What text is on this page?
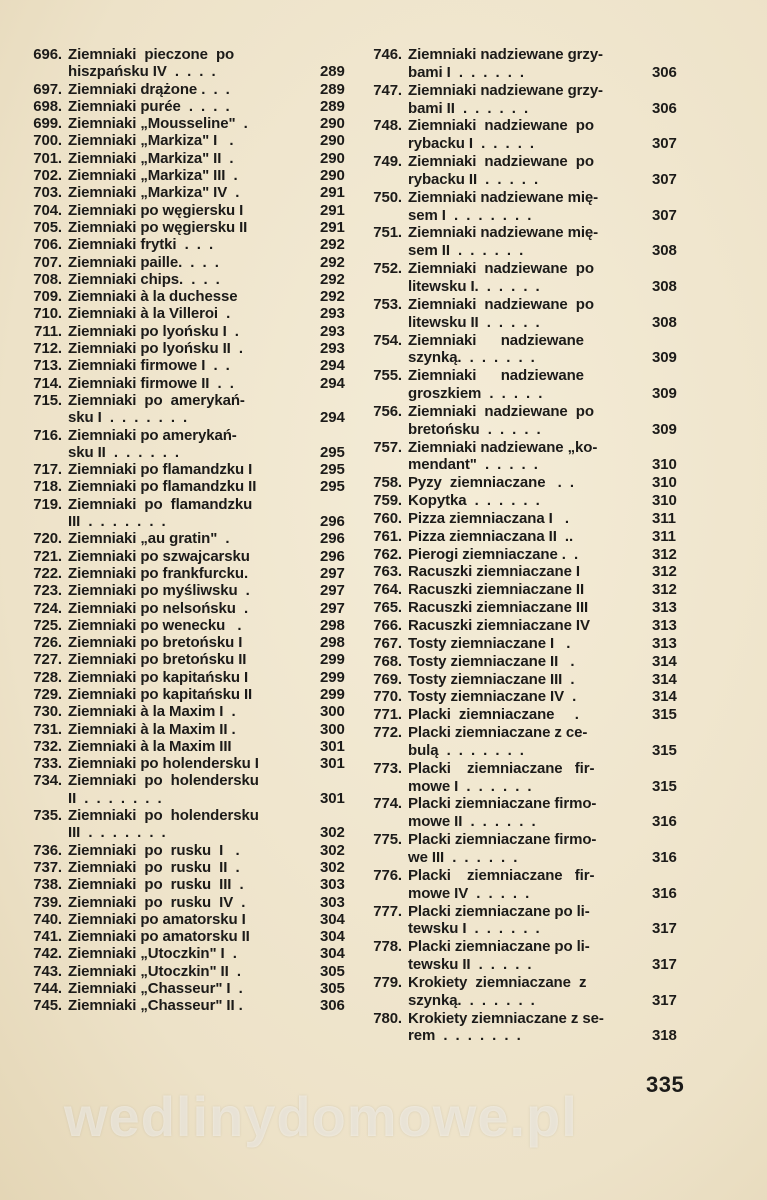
696. Ziemniaki  pieczone  po
hiszpańsku IV  .  .  .  .	289
697. Ziemniaki drążone .  .  .	289
698. Ziemniaki purée  .  .  .  .	289
699. Ziemniaki „Mousseline"  .	290
700. Ziemniaki „Markiza" I   .	290
701. Ziemniaki „Markiza" II  .	290
702. Ziemniaki „Markiza" III  .	290
703. Ziemniaki „Markiza" IV  .	291
704. Ziemniaki po węgiersku I	291
705. Ziemniaki po węgiersku II	291
706. Ziemniaki frytki  .  .  .	292
707. Ziemniaki paille.  .  .  .	292
708. Ziemniaki chips.  .  .  .	292
709. Ziemniaki à la duchesse	292
710. Ziemniaki à la Villeroi  .	293
711. Ziemniaki po lyońsku I  .	293
712. Ziemniaki po lyońsku II  .	293
713. Ziemniaki firmowe I  .  .	294
714. Ziemniaki firmowe II  .  .	294
715. Ziemniaki  po  amerykań-
sku I  .  .  .  .  .  .  .	294
716. Ziemniaki po amerykań-
sku II  .  .  .  .  .  .	295
717. Ziemniaki po flamandzku I	295
718. Ziemniaki po flamandzku II	295
719. Ziemniaki  po  flamandzku
III  .  .  .  .  .  .  .	296
720. Ziemniaki „au gratin"  .	296
721. Ziemniaki po szwajcarsku	296
722. Ziemniaki po frankfurcku.	297
723. Ziemniaki po myśliwsku  .	297
724. Ziemniaki po nelsońsku  .	297
725. Ziemniaki po wenecku   .	298
726. Ziemniaki po bretońsku I	298
727. Ziemniaki po bretońsku II	299
728. Ziemniaki po kapitańsku I	299
729. Ziemniaki po kapitańsku II	299
730. Ziemniaki à la Maxim I  .	300
731. Ziemniaki à la Maxim II .	300
732. Ziemniaki à la Maxim III	301
733. Ziemniaki po holendersku I	301
734. Ziemniaki  po  holendersku
II  .  .  .  .  .  .  .	301
735. Ziemniaki  po  holendersku
III  .  .  .  .  .  .  .	302
736. Ziemniaki  po  rusku  I   .	302
737. Ziemniaki  po  rusku  II  .	302
738. Ziemniaki  po  rusku  III  .	303
739. Ziemniaki  po  rusku  IV  .	303
740. Ziemniaki po amatorsku I	304
741. Ziemniaki po amatorsku II	304
742. Ziemniaki „Utoczkin" I  .	304
743. Ziemniaki „Utoczkin" II  .	305
744. Ziemniaki „Chasseur" I  .	305
745. Ziemniaki „Chasseur" II .	306
746. Ziemniaki nadziewane grzy-
bami I  .  .  .  .  .  .	306
747. Ziemniaki nadziewane grzy-
bami II  .  .  .  .  .  .	306
748. Ziemniaki  nadziewane  po
rybacku I  .  .  .  .  .	307
749. Ziemniaki  nadziewane  po
rybacku II  .  .  .  .  .	307
750. Ziemniaki nadziewane mię-
sem I  .  .  .  .  .  .  .	307
751. Ziemniaki nadziewane mię-
sem II  .  .  .  .  .  .	308
752. Ziemniaki  nadziewane  po
litewsku I.  .  .  .  .  .	308
753. Ziemniaki  nadziewane  po
litewsku II  .  .  .  .  .	308
754. Ziemniaki      nadziewane
szynką.  .  .  .  .  .  .	309
755. Ziemniaki      nadziewane
groszkiem  .  .  .  .  .	309
756. Ziemniaki  nadziewane  po
bretońsku  .  .  .  .  .	309
757. Ziemniaki nadziewane „ko-
mendant"  .  .  .  .  .	310
758. Pyzy  ziemniaczane   .  .	310
759. Kopytka  .  .  .  .  .  .	310
760. Pizza ziemniaczana I   .	311
761. Pizza ziemniaczana II  ..	311
762. Pierogi ziemniaczane .  .	312
763. Racuszki ziemniaczane I	312
764. Racuszki ziemniaczane II	312
765. Racuszki ziemniaczane III	313
766. Racuszki ziemniaczane IV	313
767. Tosty ziemniaczane I   .	313
768. Tosty ziemniaczane II   .	314
769. Tosty ziemniaczane III  .	314
770. Tosty ziemniaczane IV  .	314
771. Placki  ziemniaczane     .	315
772. Placki ziemniaczane z ce-
bulą  .  .  .  .  .  .  .	315
773. Placki    ziemniaczane   fir-
mowe I  .  .  .  .  .  .	315
774. Placki ziemniaczane firmo-
mowe II  .  .  .  .  .  .	316
775. Placki ziemniaczane firmo-
we III  .  .  .  .  .  .	316
776. Placki    ziemniaczane   fir-
mowe IV  .  .  .  .  .	316
777. Placki ziemniaczane po li-
tewsku I  .  .  .  .  .  .	317
778. Placki ziemniaczane po li-
tewsku II  .  .  .  .  .	317
779. Krokiety  ziemniaczane  z
szynką.  .  .  .  .  .  .	317
780. Krokiety ziemniaczane z se-
rem  .  .  .  .  .  .  .	318
wedlinydomowe.pl
335
